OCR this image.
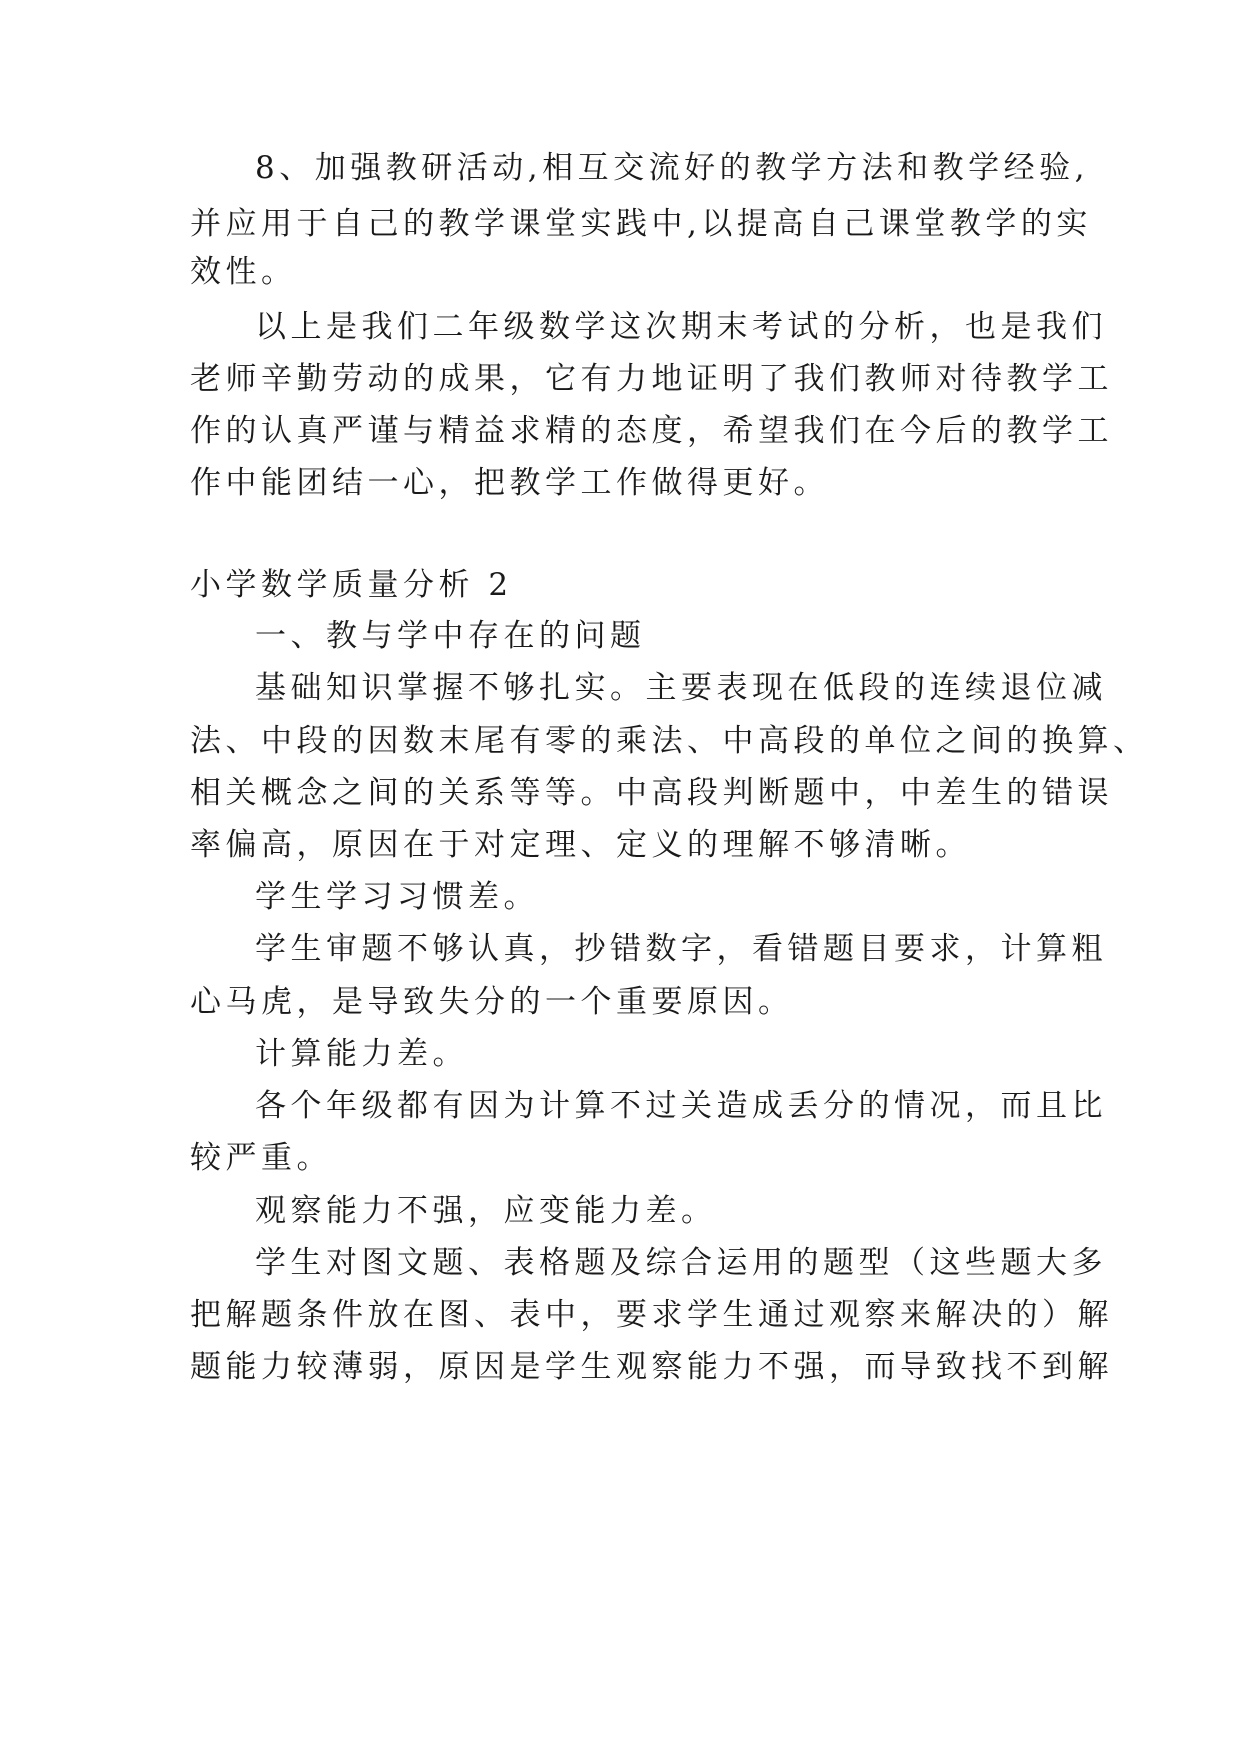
8、加强教研活动,相互交流好的教学方法和教学经验,
并应用于自己的教学课堂实践中,以提高自己课堂教学的实
效性。
以上是我们二年级数学这次期末考试的分析，也是我们
老师辛勤劳动的成果，它有力地证明了我们教师对待教学工
作的认真严谨与精益求精的态度，希望我们在今后的教学工
作中能团结一心，把教学工作做得更好。
小学数学质量分析 2
一、教与学中存在的问题
基础知识掌握不够扎实。主要表现在低段的连续退位减
法、中段的因数末尾有零的乘法、中高段的单位之间的换算、
相关概念之间的关系等等。中高段判断题中，中差生的错误
率偏高，原因在于对定理、定义的理解不够清晰。
学生学习习惯差。
学生审题不够认真，抄错数字，看错题目要求，计算粗
心马虎，是导致失分的一个重要原因。
计算能力差。
各个年级都有因为计算不过关造成丢分的情况，而且比
较严重。
观察能力不强，应变能力差。
学生对图文题、表格题及综合运用的题型（这些题大多
把解题条件放在图、表中，要求学生通过观察来解决的）解
题能力较薄弱，原因是学生观察能力不强，而导致找不到解
